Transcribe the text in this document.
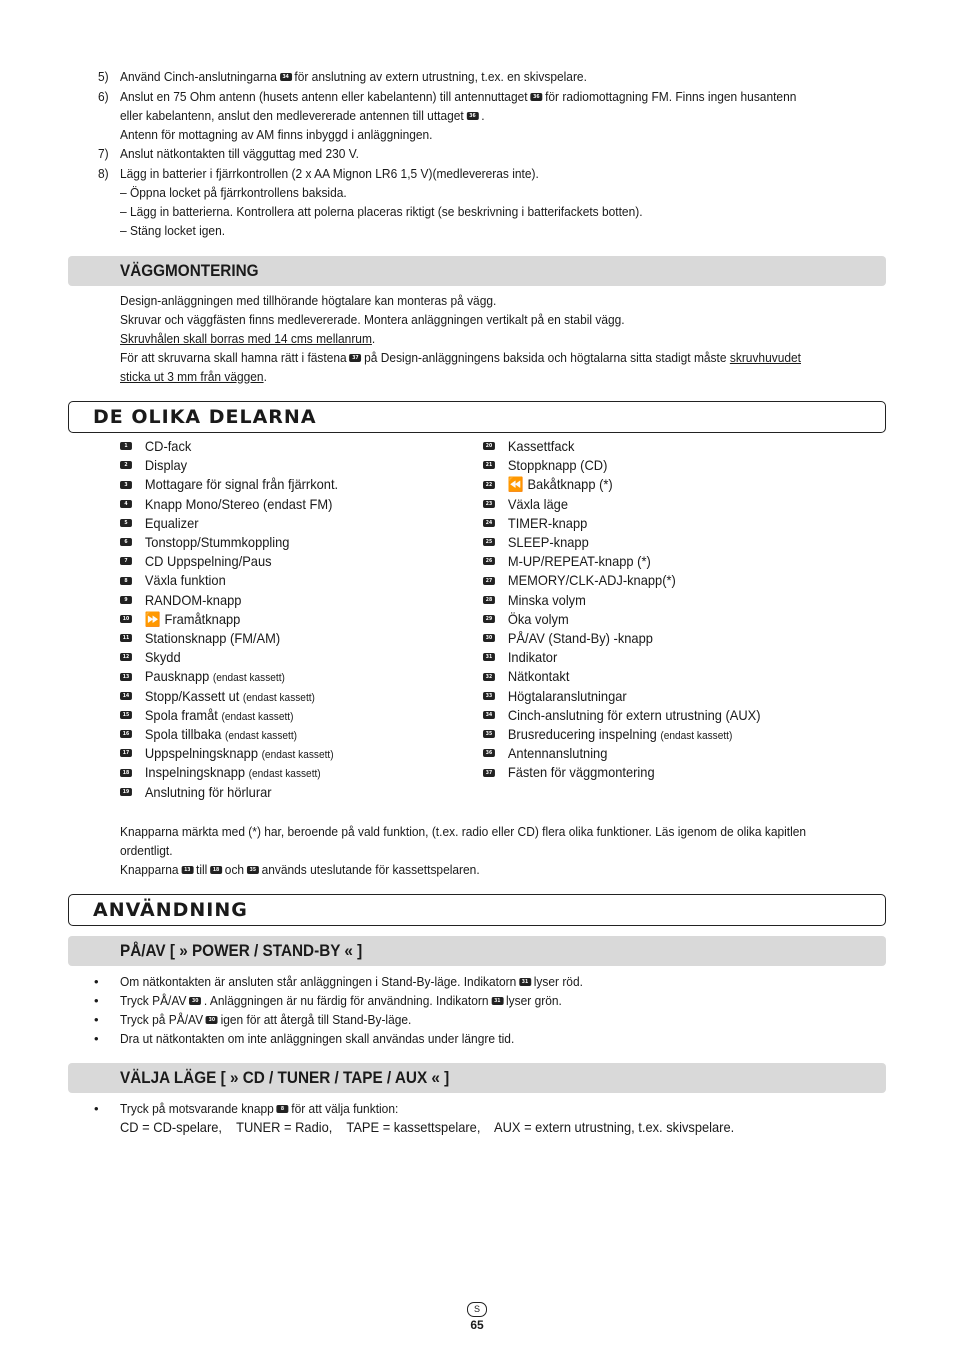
5) Använd Cinch-anslutningarna 34 för anslutning av extern utrustning, t.ex. en skivspelare.
6) Anslut en 75 Ohm antenn (husets antenn eller kabelantenn) till antennuttaget 36 för radiomottagning FM. Finns ingen husantenn
eller kabelantenn, anslut den medlevererade antennen till uttaget 36 .
Antenn för mottagning av AM finns inbyggd i anläggningen.
7) Anslut nätkontakten till vägguttag med 230 V.
8) Lägg in batterier i fjärrkontrollen (2 x AA Mignon LR6 1,5 V)(medlevereras inte).
– Öppna locket på fjärrkontrollens baksida.
– Lägg in batterierna. Kontrollera att polerna placeras riktigt (se beskrivning i batterifackets botten).
– Stäng locket igen.
VÄGGMONTERING
Design-anläggningen med tillhörande högtalare kan monteras på vägg.
Skruvar och väggfästen finns medlevererade. Montera anläggningen vertikalt på en stabil vägg.
Skruvhålen skall borras med 14 cms mellanrum.
För att skruvarna skall hamna rätt i fästena 37 på Design-anläggningens baksida och högtalarna sitta stadigt måste skruvhuvudet
sticka ut 3 mm från väggen.
DE OLIKA DELARNA
1 CD-fack
2 Display
3 Mottagare för signal från fjärrkont.
4 Knapp Mono/Stereo (endast FM)
5 Equalizer
6 Tonstopp/Stummkoppling
7 CD Uppspelning/Paus
8 Växla funktion
9 RANDOM-knapp
10 ⏩ Framåtknapp
11 Stationsknapp (FM/AM)
12 Skydd
13 Pausknapp (endast kassett)
14 Stopp/Kassett ut (endast kassett)
15 Spola framåt (endast kassett)
16 Spola tillbaka (endast kassett)
17 Uppspelningsknapp (endast kassett)
18 Inspelningsknapp (endast kassett)
19 Anslutning för hörlurar
20 Kassettfack
21 Stoppknapp (CD)
22 ⏪ Bakåtknapp (*)
23 Växla läge
24 TIMER-knapp
25 SLEEP-knapp
26 M-UP/REPEAT-knapp (*)
27 MEMORY/CLK-ADJ-knapp(*)
28 Minska volym
29 Öka volym
30 PÅ/AV (Stand-By) -knapp
31 Indikator
32 Nätkontakt
33 Högtalaranslutningar
34 Cinch-anslutning för extern utrustning (AUX)
35 Brusreducering inspelning (endast kassett)
36 Antennanslutning
37 Fästen för väggmontering
Knapparna märkta med (*) har, beroende på vald funktion, (t.ex. radio eller CD) flera olika funktioner. Läs igenom de olika kapitlen
ordentligt.
Knapparna 13 till 18 och 35 används uteslutande för kassettspelaren.
ANVÄNDNING
PÅ/AV [ » POWER / STAND-BY « ]
• Om nätkontakten är ansluten står anläggningen i Stand-By-läge. Indikatorn 31 lyser röd.
• Tryck PÅ/AV 30 . Anläggningen är nu färdig för användning. Indikatorn 31 lyser grön.
• Tryck på PÅ/AV 30 igen för att återgå till Stand-By-läge.
• Dra ut nätkontakten om inte anläggningen skall användas under längre tid.
VÄLJA LÄGE [ » CD / TUNER / TAPE / AUX « ]
• Tryck på motsvarande knapp 8 för att välja funktion:
CD = CD-spelare,    TUNER = Radio,    TAPE = kassettspelare,    AUX = extern utrustning, t.ex. skivspelare.
S
65
